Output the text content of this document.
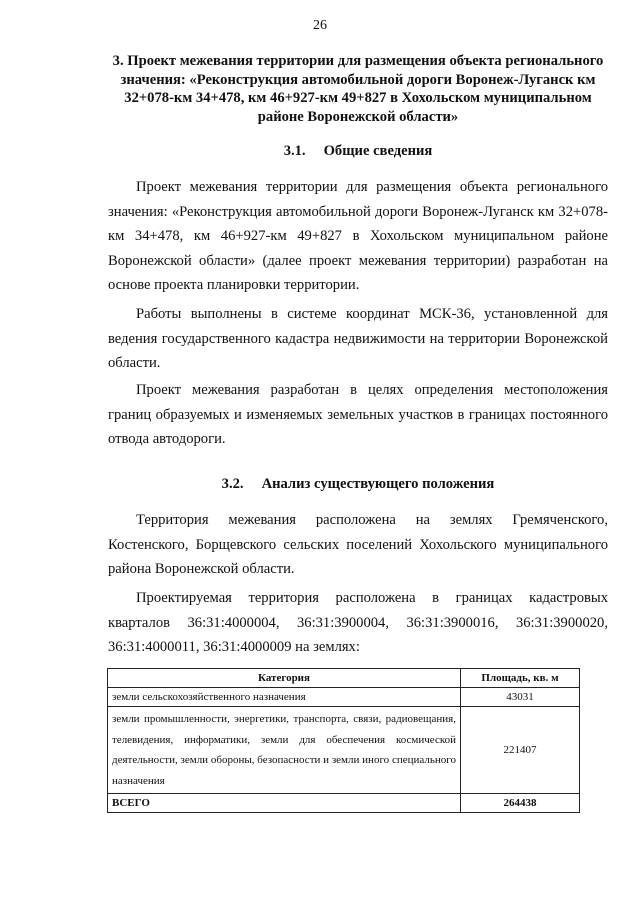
26
3. Проект межевания территории для размещения объекта регионального значения: «Реконструкция автомобильной дороги Воронеж-Луганск км 32+078-км 34+478, км 46+927-км 49+827 в Хохольском муниципальном районе Воронежской области»
3.1. Общие сведения

Проект межевания территории для размещения объекта регионального значения: «Реконструкция автомобильной дороги Воронеж-Луганск км 32+078-км 34+478, км 46+927-км 49+827 в Хохольском муниципальном районе Воронежской области» (далее проект межевания территории) разработан на основе проекта планировки территории.

Работы выполнены в системе координат МСК-36, установленной для ведения государственного кадастра недвижимости на территории Воронежской области.

Проект межевания разработан в целях определения местоположения границ образуемых и изменяемых земельных участков в границах постоянного отвода автодороги.

3.2. Анализ существующего положения

Территория межевания расположена на землях Гремяченского, Костенского, Борщевского сельских поселений Хохольского муниципального района Воронежской области.

Проектируемая территория расположена в границах кадастровых кварталов 36:31:4000004, 36:31:3900004, 36:31:3900016, 36:31:3900020, 36:31:4000011, 36:31:4000009 на землях:

Категория	Площадь, кв. м
земли сельскохозяйственного назначения	43031
земли промышленности, энергетики, транспорта, связи, радиовещания, телевидения, информатики, земли для обеспечения космической деятельности, земли обороны, безопасности и земли иного специального назначения	221407
ВСЕГО	264438
